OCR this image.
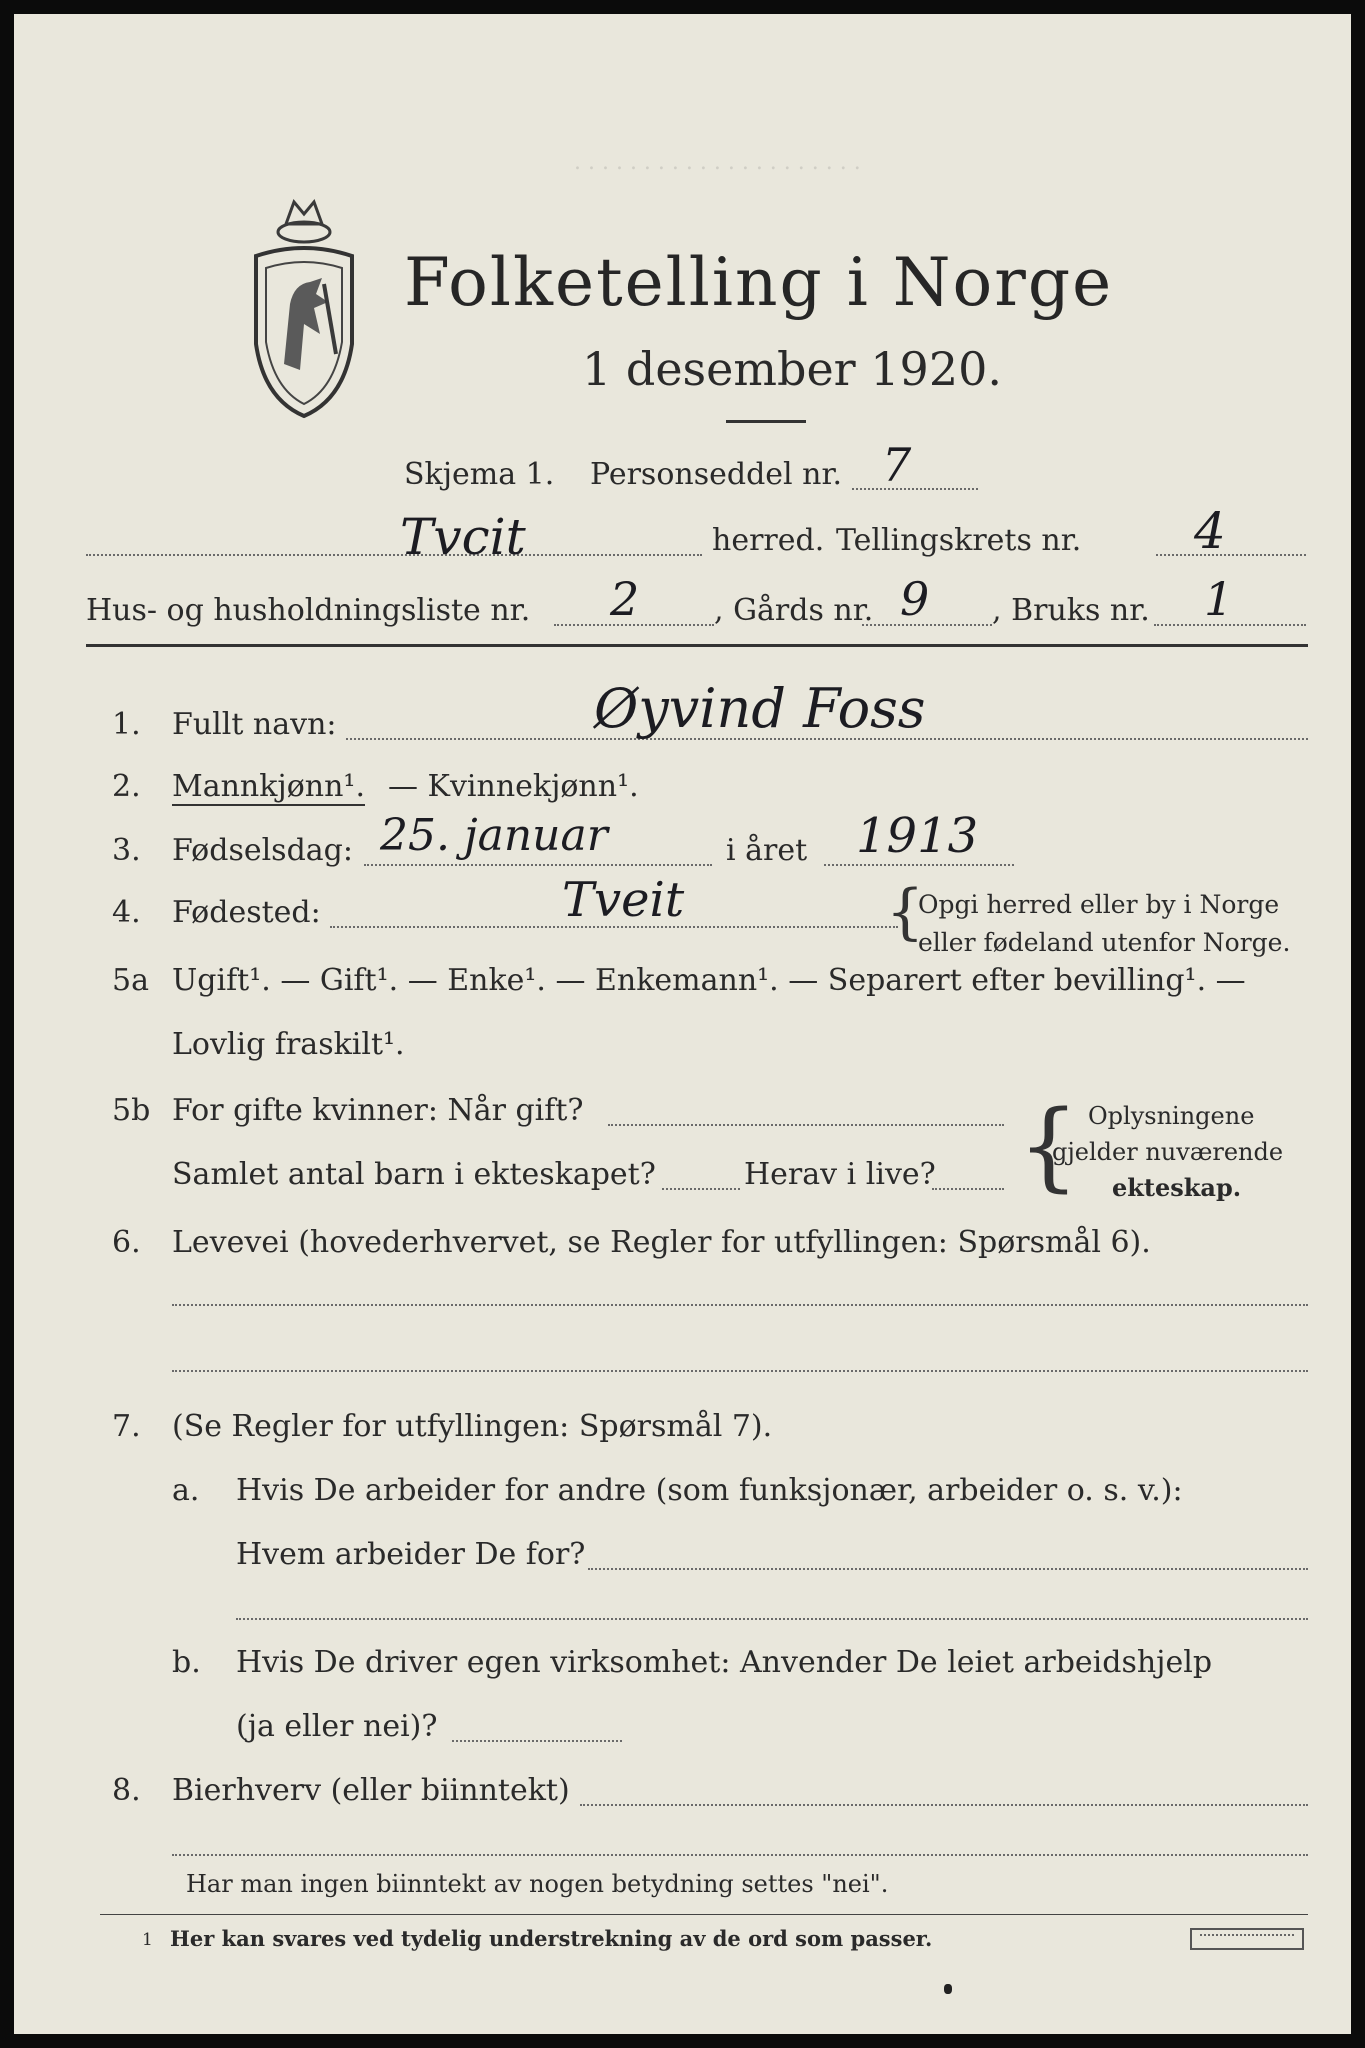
. . . . . . . . . . . . . . . . . . . . .
Folketelling i Norge
1 desember 1920.
Skjema 1. Personseddel nr. 7
Tvcit	herred. Tellingskrets nr. 4
Hus- og husholdningsliste nr. 2 , Gårds nr. 9 , Bruks nr. 1
1. Fullt navn:	Øyvind Foss
2. Mannkjønn¹. — Kvinnekjønn¹.
3. Fødselsdag: 25. januar	i året 1913
4. Fødested:	Tveit	{
Opgi herred eller by i Norge
eller fødeland utenfor Norge.
5a Ugift¹. — Gift¹. — Enke¹. — Enkemann¹. — Separert efter bevilling¹. —
Lovlig fraskilt¹.
5b For gifte kvinner: Når gift?
Samlet antal barn i ekteskapet?	Herav i live? { Oplysningene
gjelder nuværende
ekteskap.
6. Levevei (hovederhvervet, se Regler for utfyllingen: Spørsmål 6).
7. (Se Regler for utfyllingen: Spørsmål 7).
a. Hvis De arbeider for andre (som funksjonær, arbeider o. s. v.):
Hvem arbeider De for?
b. Hvis De driver egen virksomhet: Anvender De leiet arbeidshjelp
(ja eller nei)?
8. Bierhverv (eller biinntekt)
Har man ingen biinntekt av nogen betydning settes "nei".
1 Her kan svares ved tydelig understrekning av de ord som passer.
